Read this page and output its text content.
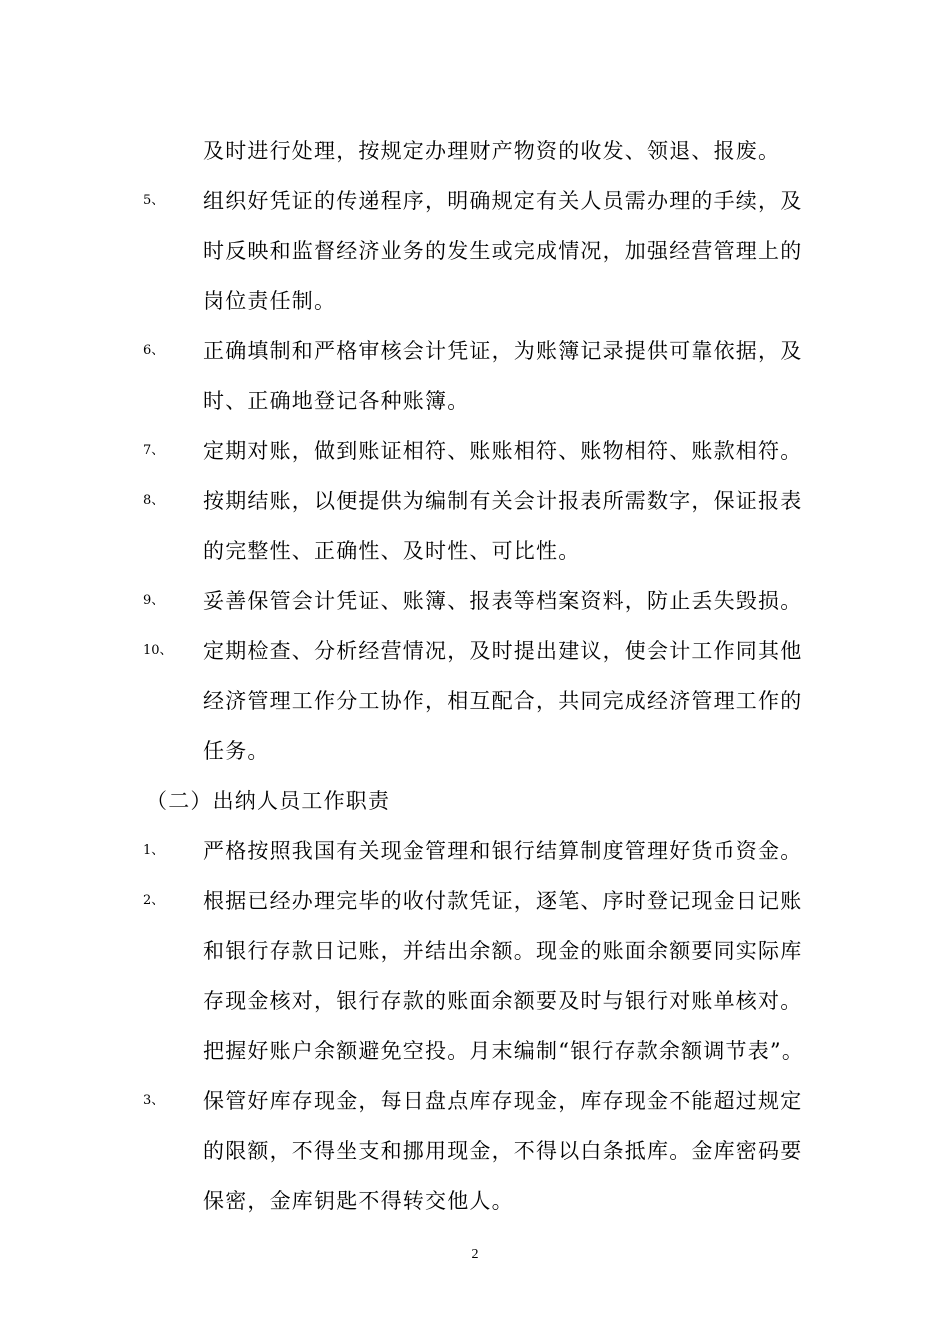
及时进行处理，按规定办理财产物资的收发、领退、报废。
5、 组织好凭证的传递程序，明确规定有关人员需办理的手续，及
时反映和监督经济业务的发生或完成情况，加强经营管理上的
岗位责任制。
6、 正确填制和严格审核会计凭证，为账簿记录提供可靠依据，及
时、正确地登记各种账簿。
7、 定期对账，做到账证相符、账账相符、账物相符、账款相符。
8、 按期结账，以便提供为编制有关会计报表所需数字，保证报表
的完整性、正确性、及时性、可比性。
9、 妥善保管会计凭证、账簿、报表等档案资料，防止丢失毁损。
10、 定期检查、分析经营情况，及时提出建议，使会计工作同其他
经济管理工作分工协作，相互配合，共同完成经济管理工作的
任务。
（二）出纳人员工作职责
1、 严格按照我国有关现金管理和银行结算制度管理好货币资金。
2、 根据已经办理完毕的收付款凭证，逐笔、序时登记现金日记账
和银行存款日记账，并结出余额。现金的账面余额要同实际库
存现金核对，银行存款的账面余额要及时与银行对账单核对。
把握好账户余额避免空投。月末编制“银行存款余额调节表”。
3、 保管好库存现金，每日盘点库存现金，库存现金不能超过规定
的限额，不得坐支和挪用现金，不得以白条抵库。金库密码要
保密，金库钥匙不得转交他人。
2
